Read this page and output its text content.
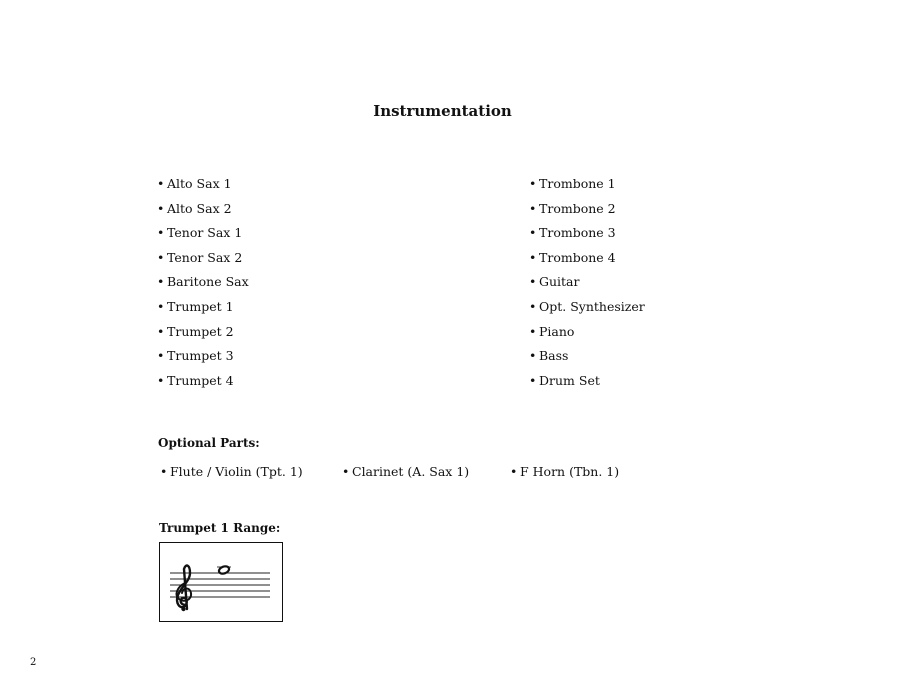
Instrumentation
• Alto Sax 1
• Alto Sax 2
• Tenor Sax 1
• Tenor Sax 2
• Baritone Sax
• Trumpet 1
• Trumpet 2
• Trumpet 3
• Trumpet 4
• Trombone 1
• Trombone 2
• Trombone 3
• Trombone 4
• Guitar
• Opt. Synthesizer
• Piano
• Bass
• Drum Set
Optional Parts:
• Flute / Violin (Tpt. 1)	• Clarinet (A. Sax 1)	• F Horn (Tbn. 1)
Trumpet 1 Range:
2
